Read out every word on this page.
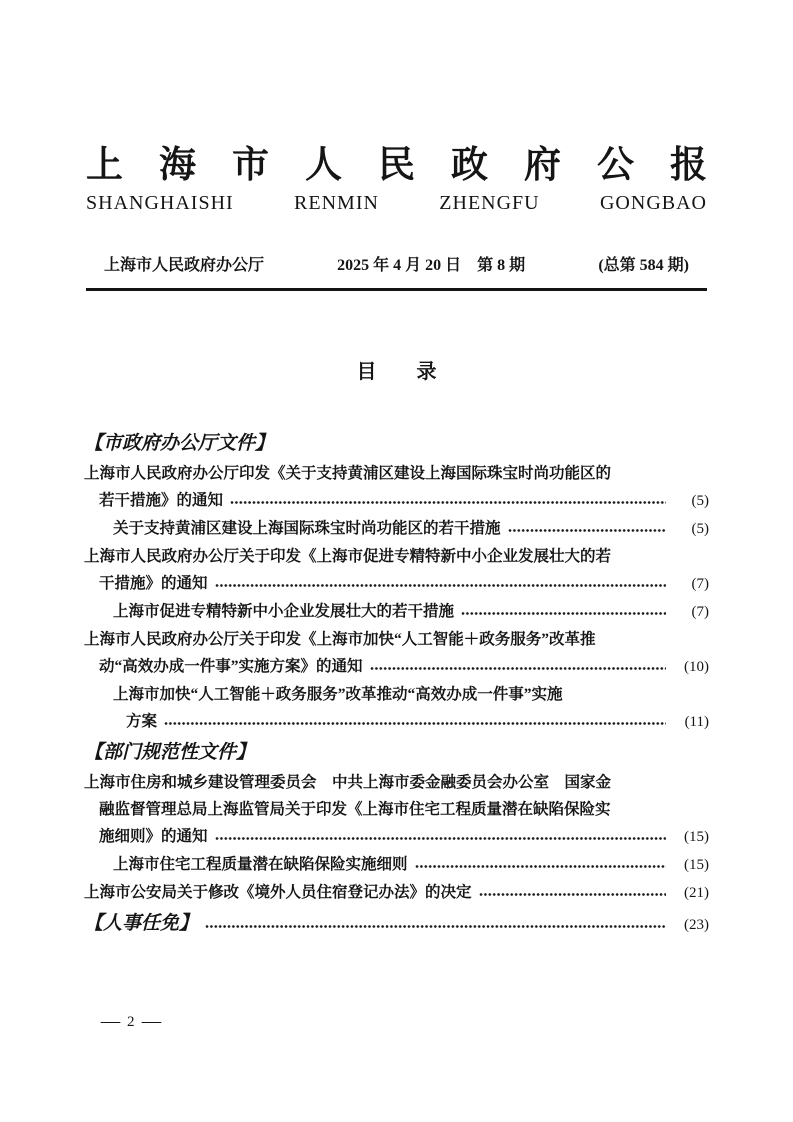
上 海 市 人 民 政 府 公 报
SHANGHAISHI	RENMIN	ZHENGFU	GONGBAO
上海市人民政府办公厅	2025 年 4 月 20 日　第 8 期	(总第 584 期)
目　　录
【市政府办公厅文件】
上海市人民政府办公厅印发《关于支持黄浦区建设上海国际珠宝时尚功能区的
若干措施》的通知	(5)
关于支持黄浦区建设上海国际珠宝时尚功能区的若干措施	(5)
上海市人民政府办公厅关于印发《上海市促进专精特新中小企业发展壮大的若
干措施》的通知	(7)
上海市促进专精特新中小企业发展壮大的若干措施	(7)
上海市人民政府办公厅关于印发《上海市加快“人工智能＋政务服务”改革推
动“高效办成一件事”实施方案》的通知	(10)
上海市加快“人工智能＋政务服务”改革推动“高效办成一件事”实施
方案	(11)
【部门规范性文件】
上海市住房和城乡建设管理委员会　中共上海市委金融委员会办公室　国家金
融监督管理总局上海监管局关于印发《上海市住宅工程质量潜在缺陷保险实
施细则》的通知	(15)
上海市住宅工程质量潜在缺陷保险实施细则	(15)
上海市公安局关于修改《境外人员住宿登记办法》的决定	(21)
【人事任免】	(23)
— 2 —
